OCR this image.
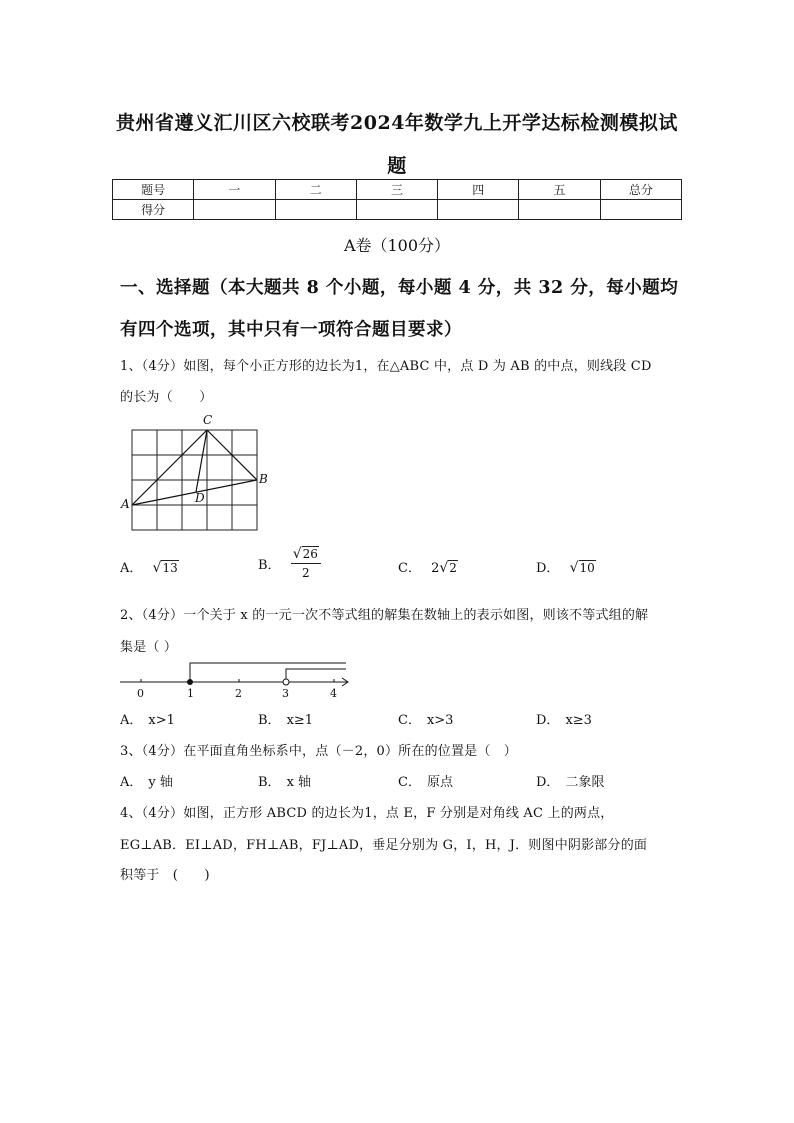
贵州省遵义汇川区六校联考2024年数学九上开学达标检测模拟试
题
题号	一	二	三	四	五	总分
得分						
A卷（100分）
一、选择题（本大题共 8 个小题，每小题 4 分，共 32 分，每小题均
有四个选项，其中只有一项符合题目要求）
1、（4分）如图，每个小正方形的边长为1，在△ABC 中，点 D 为 AB 的中点，则线段 CD
的长为（　　）
A
B
C
D
A． √13	B． $\frac{√26}{2}$	C． 2√2	D． √10
2、（4分）一个关于 x 的一元一次不等式组的解集在数轴上的表示如图，则该不等式组的解
集是（ ）
0	1	2	3	4
A． x>1	B． x≥1	C． x>3	D． x≥3
3、（4分）在平面直角坐标系中，点（－2，0）所在的位置是（　）
A． y 轴	B． x 轴	C． 原点	D． 二象限
4、（4分）如图，正方形 ABCD 的边长为1，点 E，F 分别是对角线 AC 上的两点，
EG⊥AB．EI⊥AD，FH⊥AB，FJ⊥AD，垂足分别为 G，I，H，J．则图中阴影部分的面
积等于　(　　)
